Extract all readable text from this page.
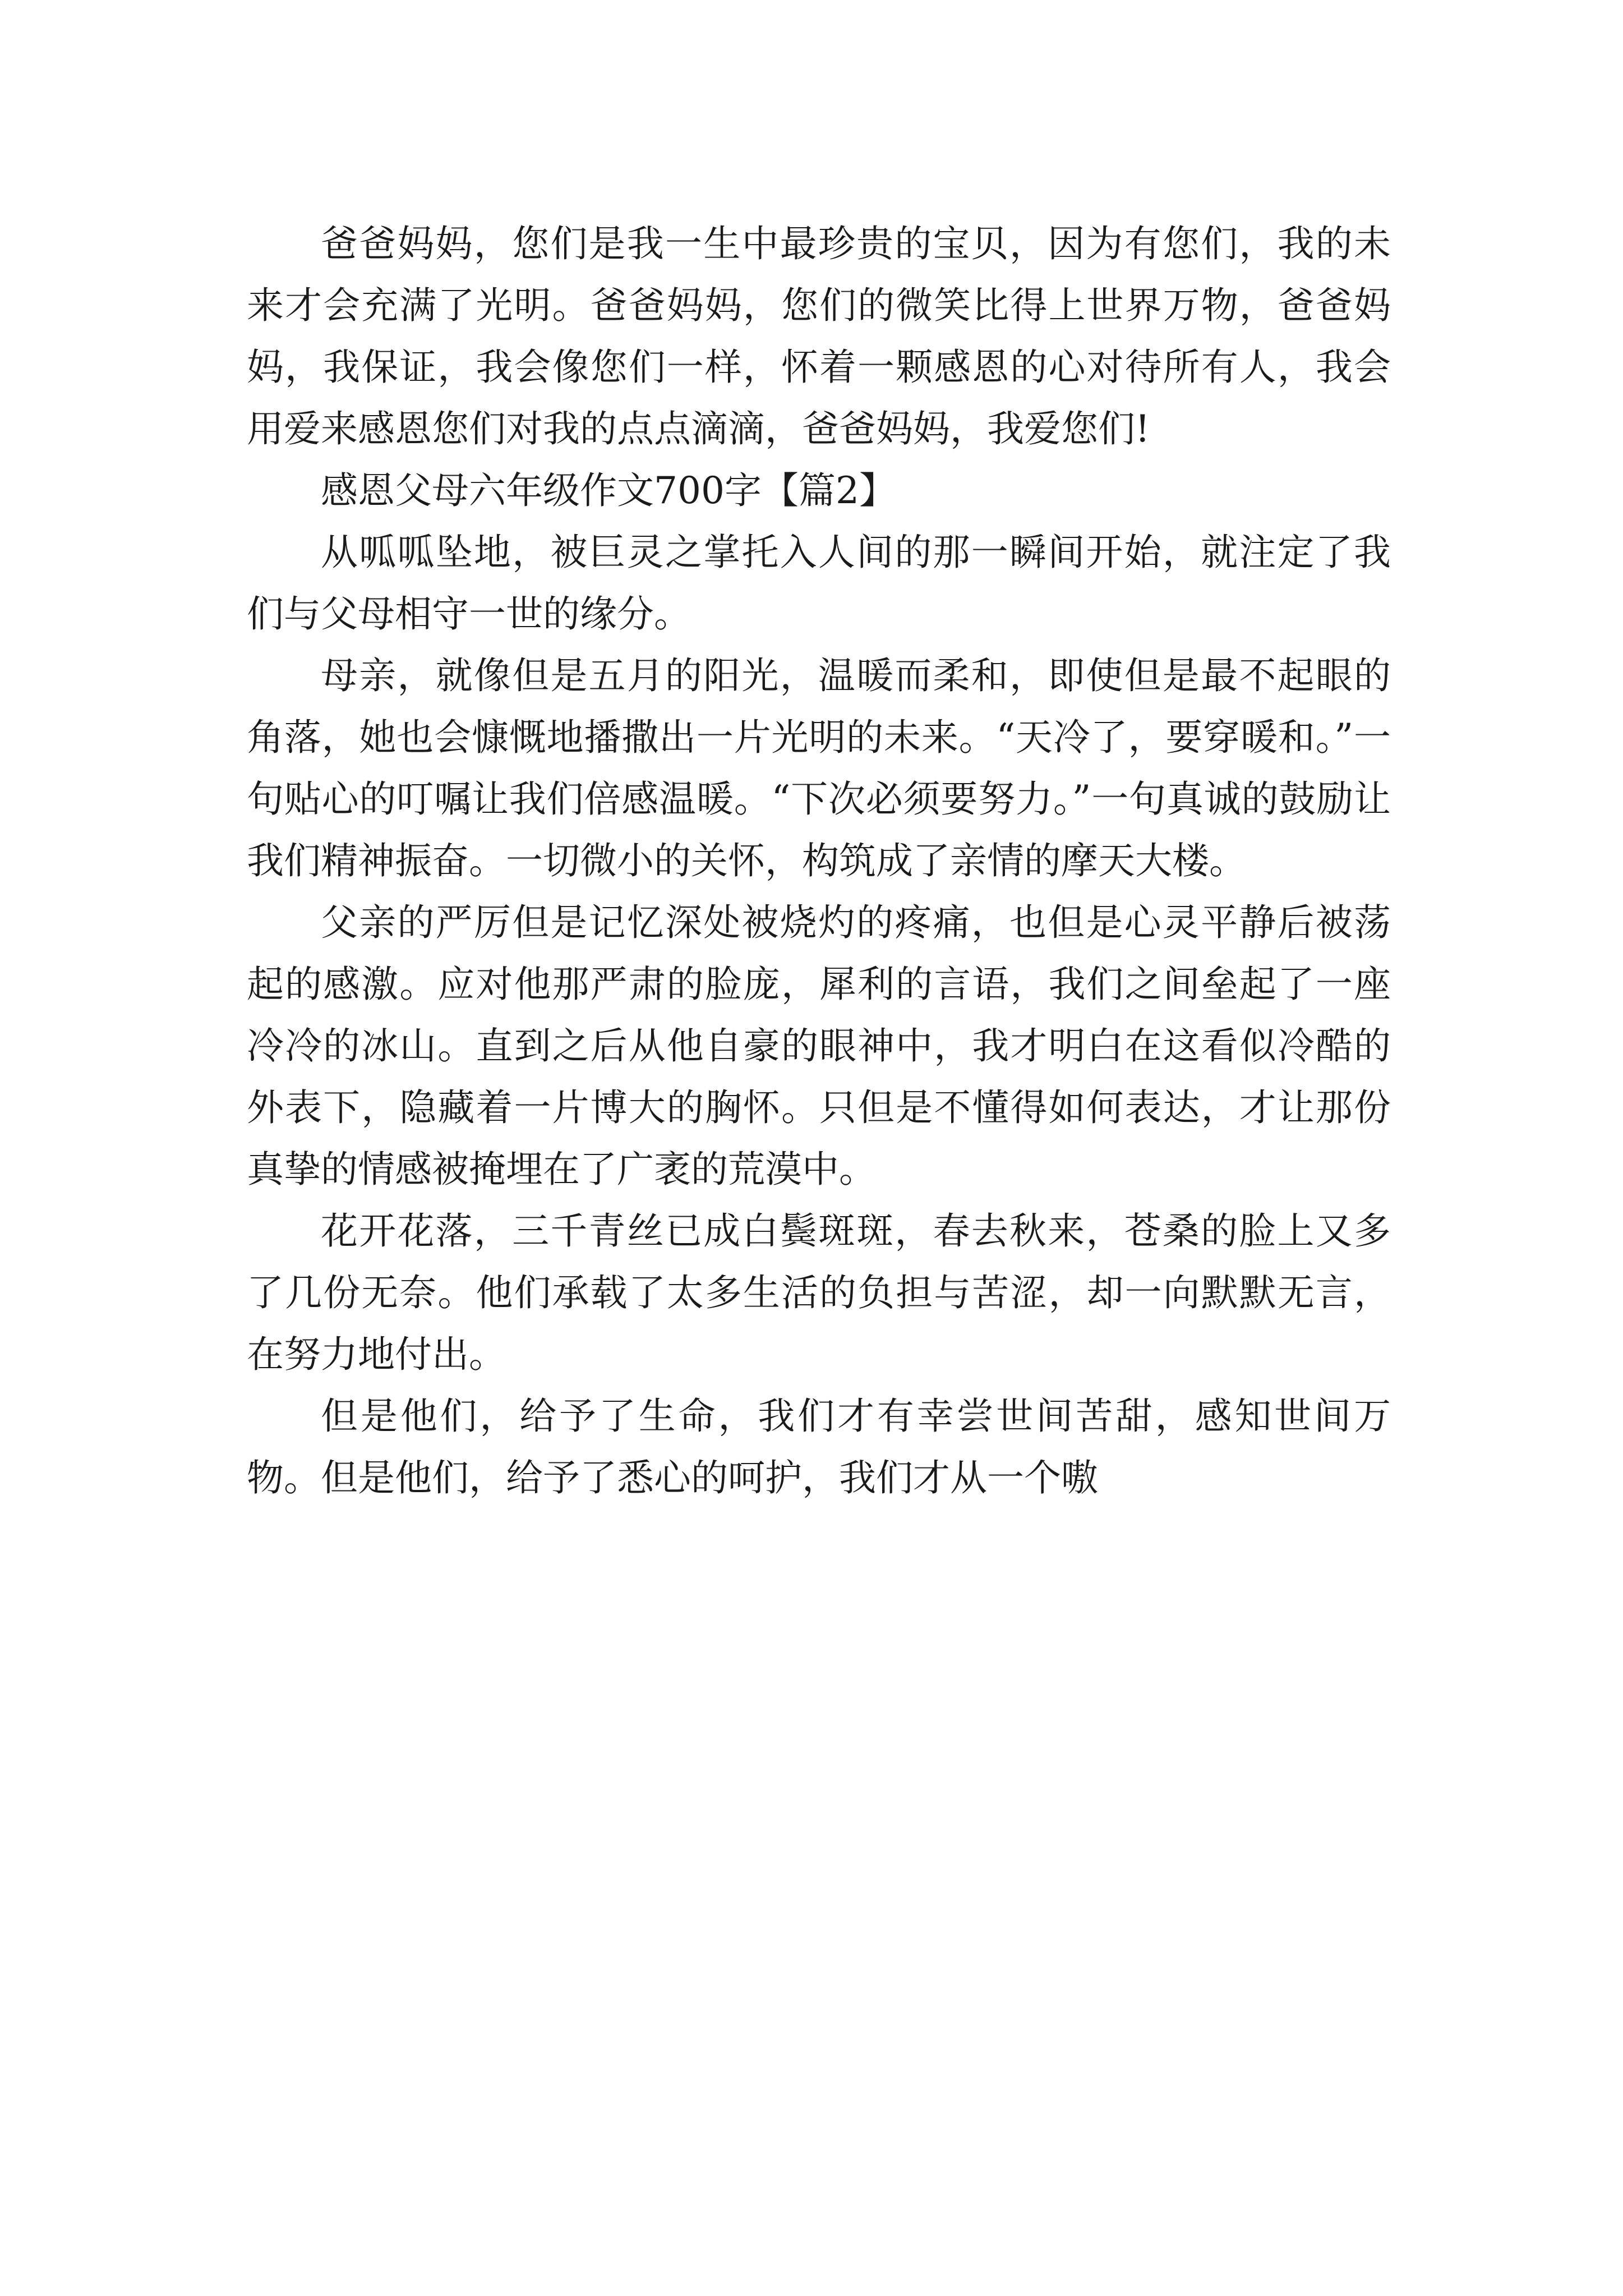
爸爸妈妈，您们是我一生中最珍贵的宝贝，因为有您们，我的未来才会充满了光明。爸爸妈妈，您们的微笑比得上世界万物，爸爸妈妈，我保证，我会像您们一样，怀着一颗感恩的心对待所有人，我会用爱来感恩您们对我的点点滴滴，爸爸妈妈，我爱您们!

感恩父母六年级作文700字【篇2】

从呱呱坠地，被巨灵之掌托入人间的那一瞬间开始，就注定了我们与父母相守一世的缘分。

母亲，就像但是五月的阳光，温暖而柔和，即使但是最不起眼的角落，她也会慷慨地播撒出一片光明的未来。“天冷了，要穿暖和。”一句贴心的叮嘱让我们倍感温暖。“下次必须要努力。”一句真诚的鼓励让我们精神振奋。一切微小的关怀，构筑成了亲情的摩天大楼。

父亲的严厉但是记忆深处被烧灼的疼痛，也但是心灵平静后被荡起的感激。应对他那严肃的脸庞，犀利的言语，我们之间垒起了一座冷冷的冰山。直到之后从他自豪的眼神中，我才明白在这看似冷酷的外表下，隐藏着一片博大的胸怀。只但是不懂得如何表达，才让那份真挚的情感被掩埋在了广袤的荒漠中。

花开花落，三千青丝已成白鬓斑斑，春去秋来，苍桑的脸上又多了几份无奈。他们承载了太多生活的负担与苦涩，却一向默默无言，在努力地付出。

但是他们，给予了生命，我们才有幸尝世间苦甜，感知世间万物。但是他们，给予了悉心的呵护，我们才从一个嗷
